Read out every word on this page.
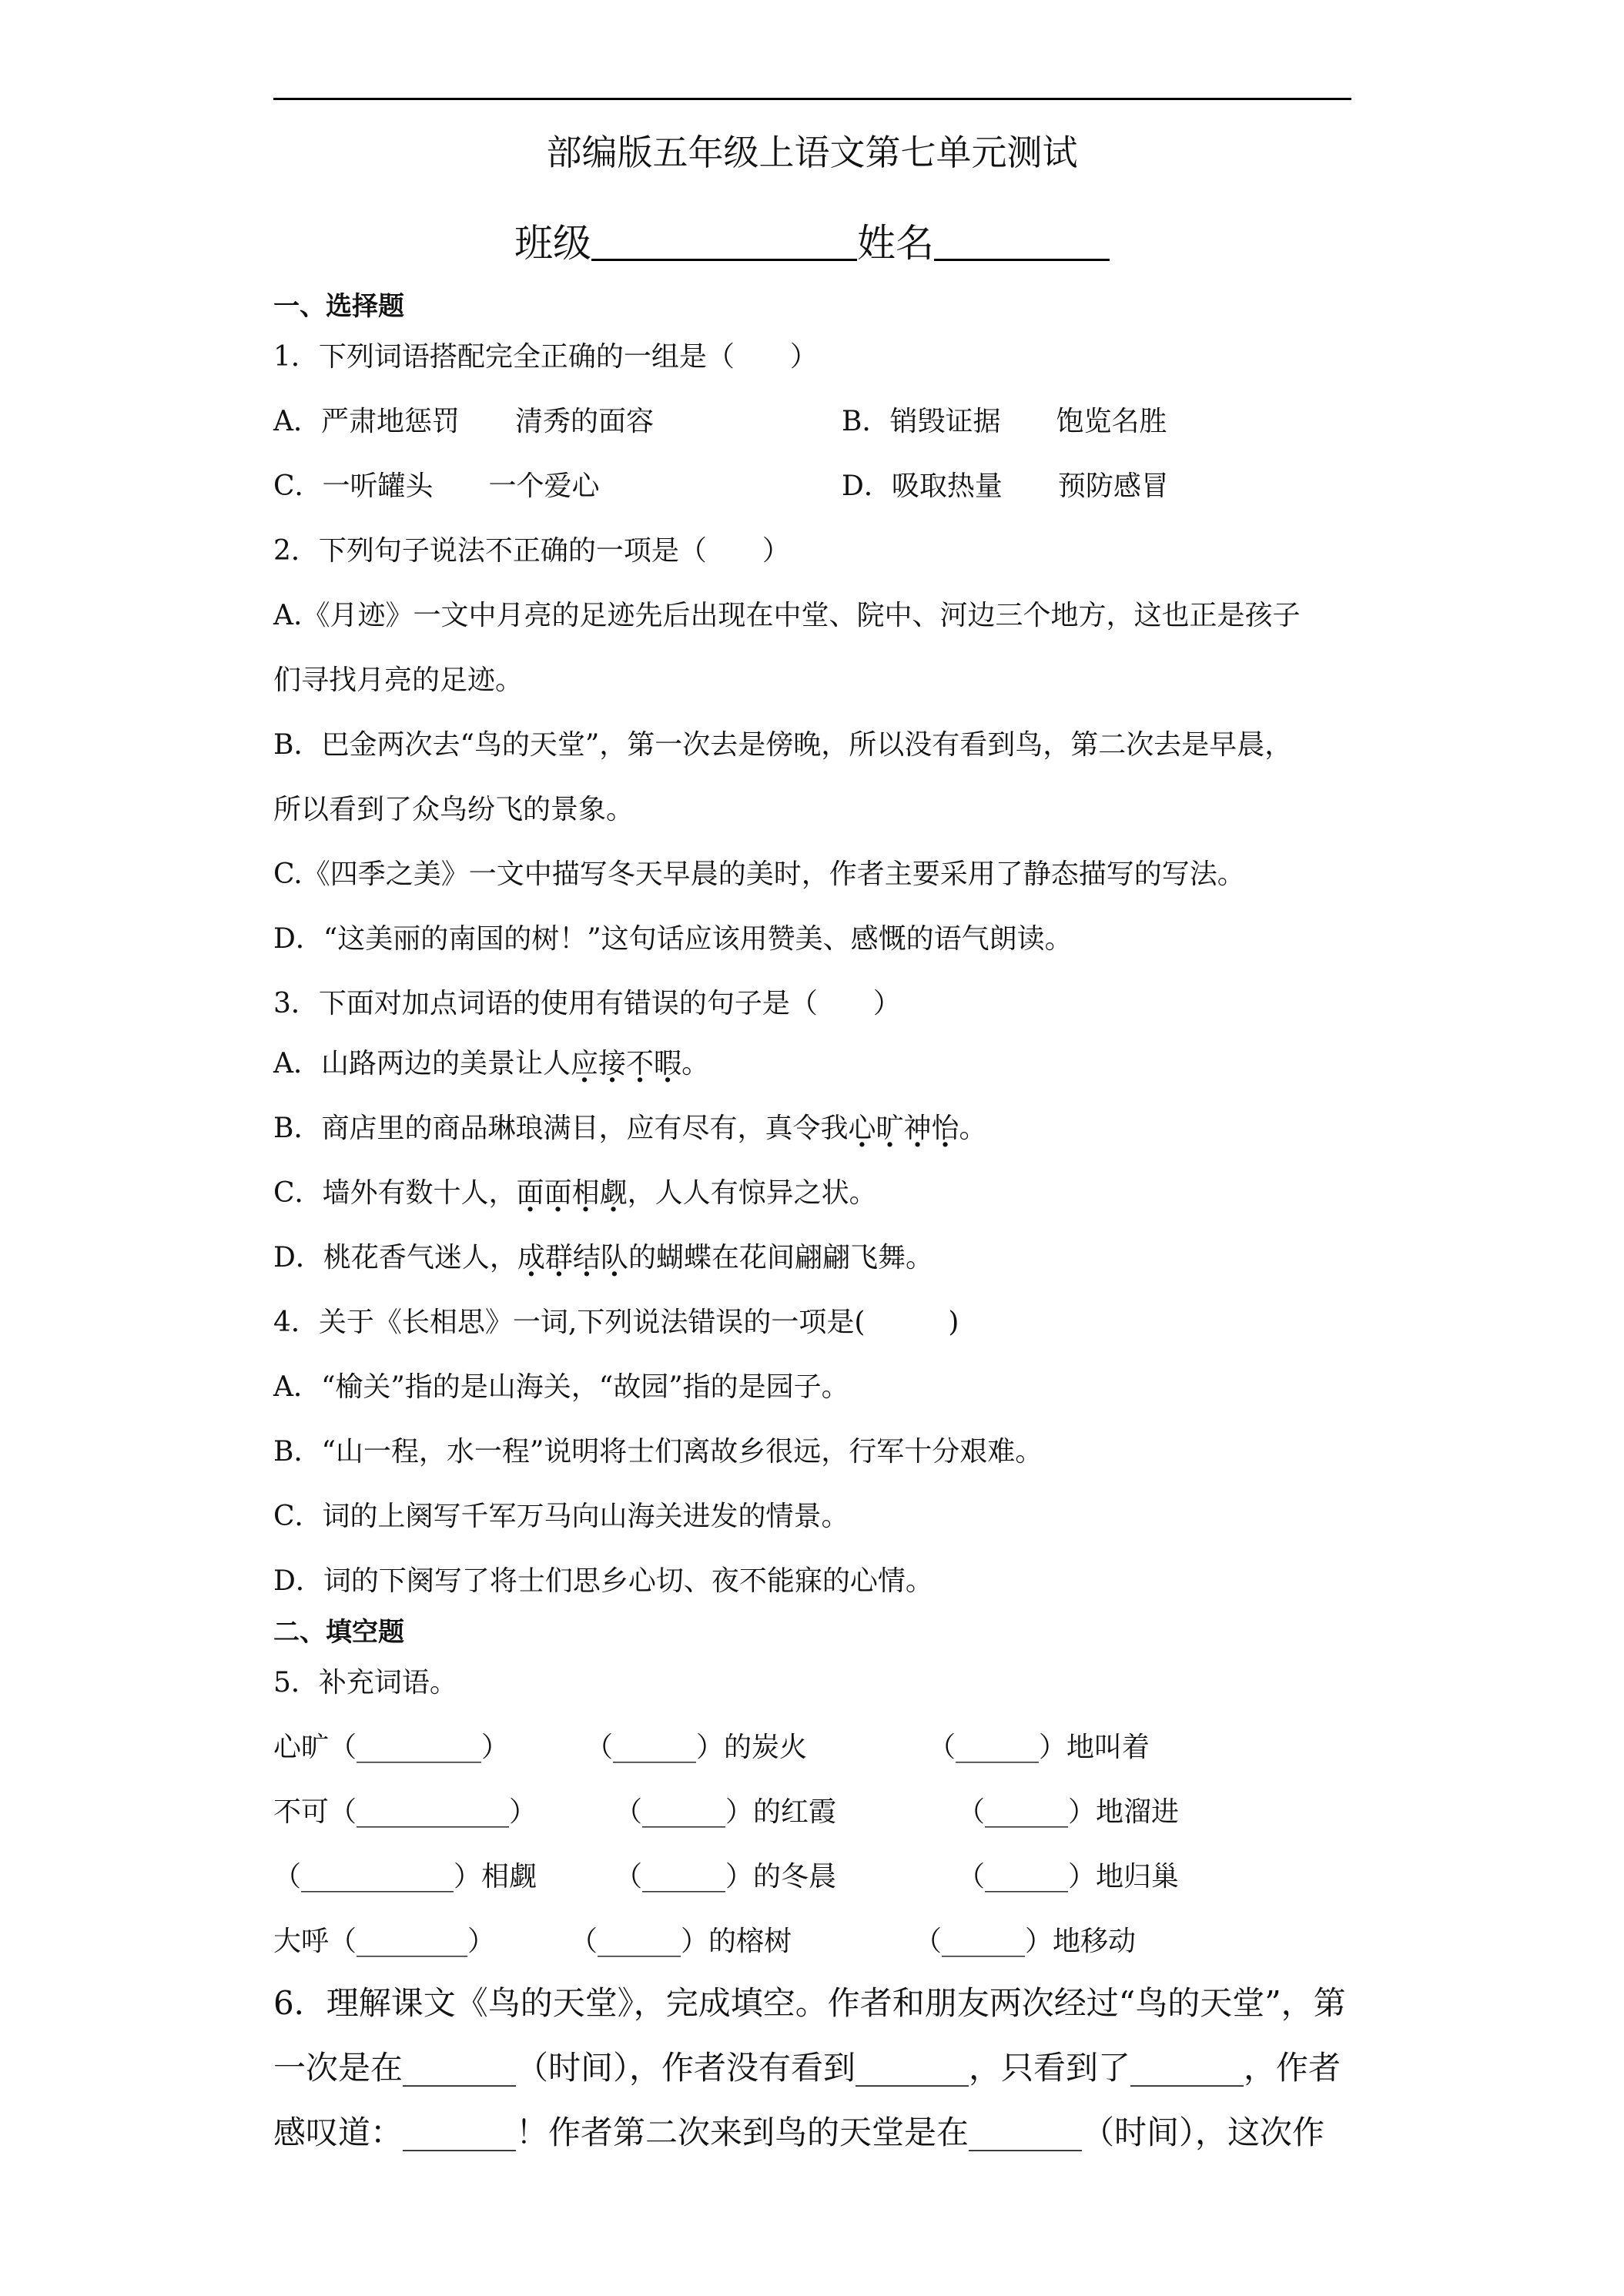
部编版五年级上语文第七单元测试
班级	姓名
一、选择题
1．下列词语搭配完全正确的一组是（　　）
A．严肃地惩罚　　清秀的面容	B．销毁证据　　饱览名胜
C．一听罐头　　一个爱心	D．吸取热量　　预防感冒
2．下列句子说法不正确的一项是（　　）
A.《月迹》一文中月亮的足迹先后出现在中堂、院中、河边三个地方，这也正是孩子
们寻找月亮的足迹。
B．巴金两次去“鸟的天堂”，第一次去是傍晚，所以没有看到鸟，第二次去是早晨，
所以看到了众鸟纷飞的景象。
C.《四季之美》一文中描写冬天早晨的美时，作者主要采用了静态描写的写法。
D．“这美丽的南国的树！”这句话应该用赞美、感慨的语气朗读。
3．下面对加点词语的使用有错误的句子是（　　）
A．山路两边的美景让人应接不暇。
B．商店里的商品琳琅满目，应有尽有，真令我心旷神怡。
C．墙外有数十人，面面相觑，人人有惊异之状。
D．桃花香气迷人，成群结队的蝴蝶在花间翩翩飞舞。
4．关于《长相思》一词,下列说法错误的一项是(　　　)
A．“榆关”指的是山海关，“故园”指的是园子。
B．“山一程，水一程”说明将士们离故乡很远，行军十分艰难。
C．词的上阕写千军万马向山海关进发的情景。
D．词的下阕写了将士们思乡心切、夜不能寐的心情。
二、填空题
5．补充词语。
心旷（_________）	（______）的炭火	（______）地叫着
不可（___________）	（______）的红霞	（______）地溜进
（___________）相觑	（______）的冬晨	（______）地归巢
大呼（________）	（______）的榕树	（______）地移动
6．理解课文《鸟的天堂》，完成填空。作者和朋友两次经过“鸟的天堂”，第
一次是在_______（时间），作者没有看到_______，只看到了_______，作者
感叹道：_______！作者第二次来到鸟的天堂是在_______（时间），这次作
